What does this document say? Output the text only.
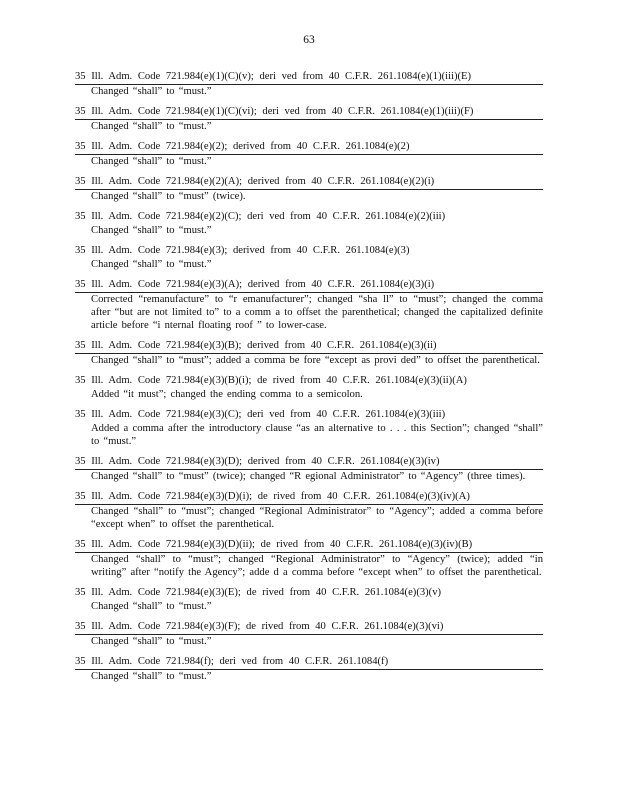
63
35 Ill. Adm. Code 721.984(e)(1)(C)(v); deri ved from 40 C.F.R. 261.1084(e)(1)(iii)(E)
Changed “shall” to “must.”
35 Ill. Adm. Code 721.984(e)(1)(C)(vi); deri ved from 40 C.F.R. 261.1084(e)(1)(iii)(F)
Changed “shall” to “must.”
35 Ill. Adm. Code 721.984(e)(2); derived from 40 C.F.R. 261.1084(e)(2)
Changed “shall” to “must.”
35 Ill. Adm. Code 721.984(e)(2)(A); derived from 40 C.F.R. 261.1084(e)(2)(i)
Changed “shall” to “must” (twice).
35 Ill. Adm. Code 721.984(e)(2)(C); deri ved from 40 C.F.R. 261.1084(e)(2)(iii)
Changed “shall” to “must.”
35 Ill. Adm. Code 721.984(e)(3); derived from 40 C.F.R. 261.1084(e)(3)
Changed “shall” to “must.”
35 Ill. Adm. Code 721.984(e)(3)(A); derived from 40 C.F.R. 261.1084(e)(3)(i)
Corrected “remanufacture” to “r emanufacturer”; changed “sha ll” to “must”; changed the comma after “but are not limited to” to a comm a to offset the parenthetical; changed the capitalized definite article before “i nternal floating roof ” to lower-case.
35 Ill. Adm. Code 721.984(e)(3)(B); derived from 40 C.F.R. 261.1084(e)(3)(ii)
Changed “shall” to “must”; added a comma be fore “except as provi ded” to offset the parenthetical.
35 Ill. Adm. Code 721.984(e)(3)(B)(i); de rived from 40 C.F.R. 261.1084(e)(3)(ii)(A)
Added “it must”; changed the ending comma to a semicolon.
35 Ill. Adm. Code 721.984(e)(3)(C); deri ved from 40 C.F.R. 261.1084(e)(3)(iii)
Added a comma after the introductory clause “as an alternative to . . . this Section”; changed “shall” to “must.”
35 Ill. Adm. Code 721.984(e)(3)(D); derived from 40 C.F.R. 261.1084(e)(3)(iv)
Changed “shall” to “must” (twice); changed “R egional Administrator” to “Agency” (three times).
35 Ill. Adm. Code 721.984(e)(3)(D)(i); de rived from 40 C.F.R. 261.1084(e)(3)(iv)(A)
Changed “shall” to “must”; changed “Regional Administrator” to “Agency”; added a comma before “except when” to offset the parenthetical.
35 Ill. Adm. Code 721.984(e)(3)(D)(ii); de rived from 40 C.F.R. 261.1084(e)(3)(iv)(B)
Changed “shall” to “must”; changed “Regional Administrator” to “Agency” (twice); added “in writing” after “notify the Agency”; adde d a comma before “except when” to offset the parenthetical.
35 Ill. Adm. Code 721.984(e)(3)(E); de rived from 40 C.F.R. 261.1084(e)(3)(v)
Changed “shall” to “must.”
35 Ill. Adm. Code 721.984(e)(3)(F); de rived from 40 C.F.R. 261.1084(e)(3)(vi)
Changed “shall” to “must.”
35 Ill. Adm. Code 721.984(f); deri ved from 40 C.F.R. 261.1084(f)
Changed “shall” to “must.”
